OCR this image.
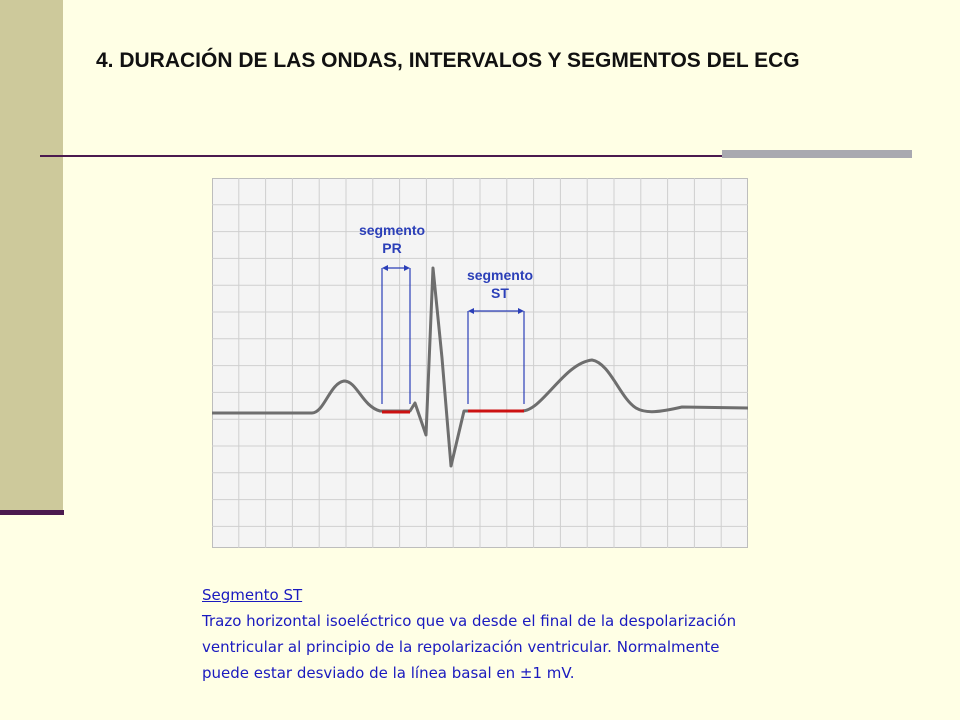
4. DURACIÓN DE LAS ONDAS, INTERVALOS Y SEGMENTOS DEL ECG
segmento
PR
segmento
ST
Segmento ST
Trazo horizontal isoeléctrico que va desde el final de la despolarización ventricular al principio de la repolarización ventricular. Normalmente puede estar desviado de la línea basal en ±1 mV.
